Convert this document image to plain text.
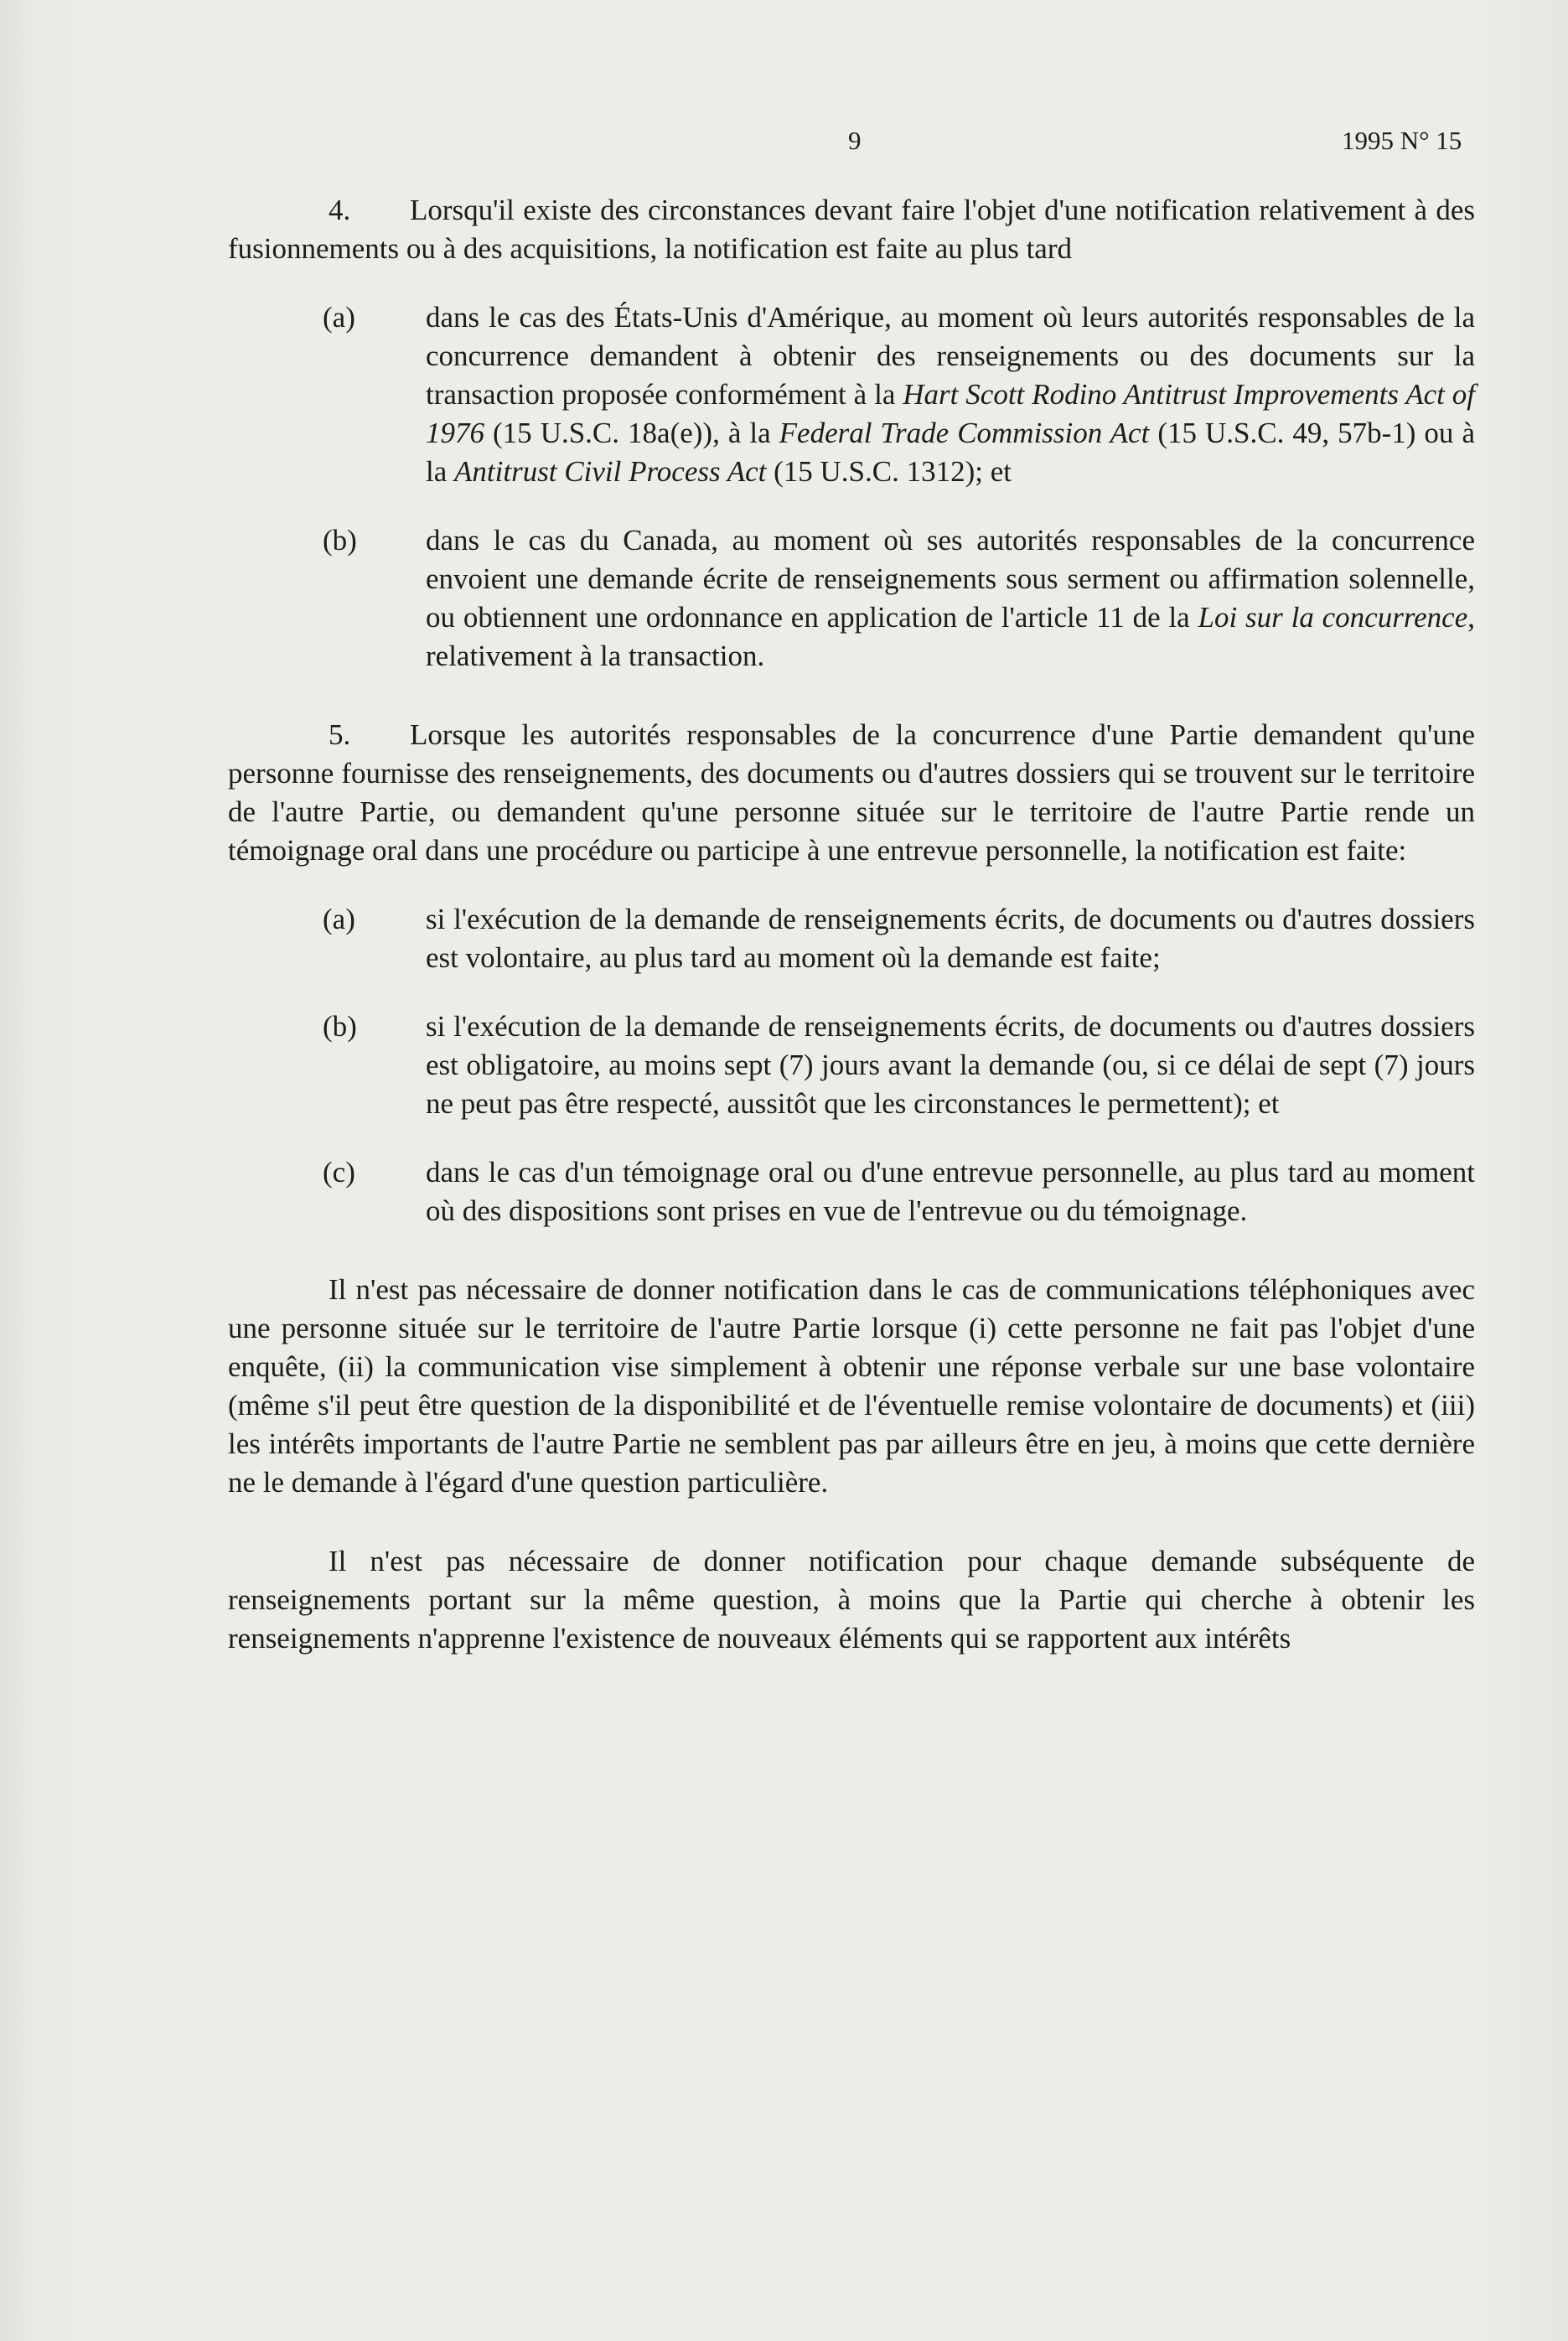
9	1995 N° 15

4. Lorsqu'il existe des circonstances devant faire l'objet d'une notification relativement à des fusionnements ou à des acquisitions, la notification est faite au plus tard

(a) dans le cas des États-Unis d'Amérique, au moment où leurs autorités responsables de la concurrence demandent à obtenir des renseignements ou des documents sur la transaction proposée conformément à la Hart Scott Rodino Antitrust Improvements Act of 1976 (15 U.S.C. 18a(e)), à la Federal Trade Commission Act (15 U.S.C. 49, 57b-1) ou à la Antitrust Civil Process Act (15 U.S.C. 1312); et

(b) dans le cas du Canada, au moment où ses autorités responsables de la concurrence envoient une demande écrite de renseignements sous serment ou affirmation solennelle, ou obtiennent une ordonnance en application de l'article 11 de la Loi sur la concurrence, relativement à la transaction.

5. Lorsque les autorités responsables de la concurrence d'une Partie demandent qu'une personne fournisse des renseignements, des documents ou d'autres dossiers qui se trouvent sur le territoire de l'autre Partie, ou demandent qu'une personne située sur le territoire de l'autre Partie rende un témoignage oral dans une procédure ou participe à une entrevue personnelle, la notification est faite:

(a) si l'exécution de la demande de renseignements écrits, de documents ou d'autres dossiers est volontaire, au plus tard au moment où la demande est faite;

(b) si l'exécution de la demande de renseignements écrits, de documents ou d'autres dossiers est obligatoire, au moins sept (7) jours avant la demande (ou, si ce délai de sept (7) jours ne peut pas être respecté, aussitôt que les circonstances le permettent); et

(c) dans le cas d'un témoignage oral ou d'une entrevue personnelle, au plus tard au moment où des dispositions sont prises en vue de l'entrevue ou du témoignage.

Il n'est pas nécessaire de donner notification dans le cas de communications téléphoniques avec une personne située sur le territoire de l'autre Partie lorsque (i) cette personne ne fait pas l'objet d'une enquête, (ii) la communication vise simplement à obtenir une réponse verbale sur une base volontaire (même s'il peut être question de la disponibilité et de l'éventuelle remise volontaire de documents) et (iii) les intérêts importants de l'autre Partie ne semblent pas par ailleurs être en jeu, à moins que cette dernière ne le demande à l'égard d'une question particulière.

Il n'est pas nécessaire de donner notification pour chaque demande subséquente de renseignements portant sur la même question, à moins que la Partie qui cherche à obtenir les renseignements n'apprenne l'existence de nouveaux éléments qui se rapportent aux intérêts
